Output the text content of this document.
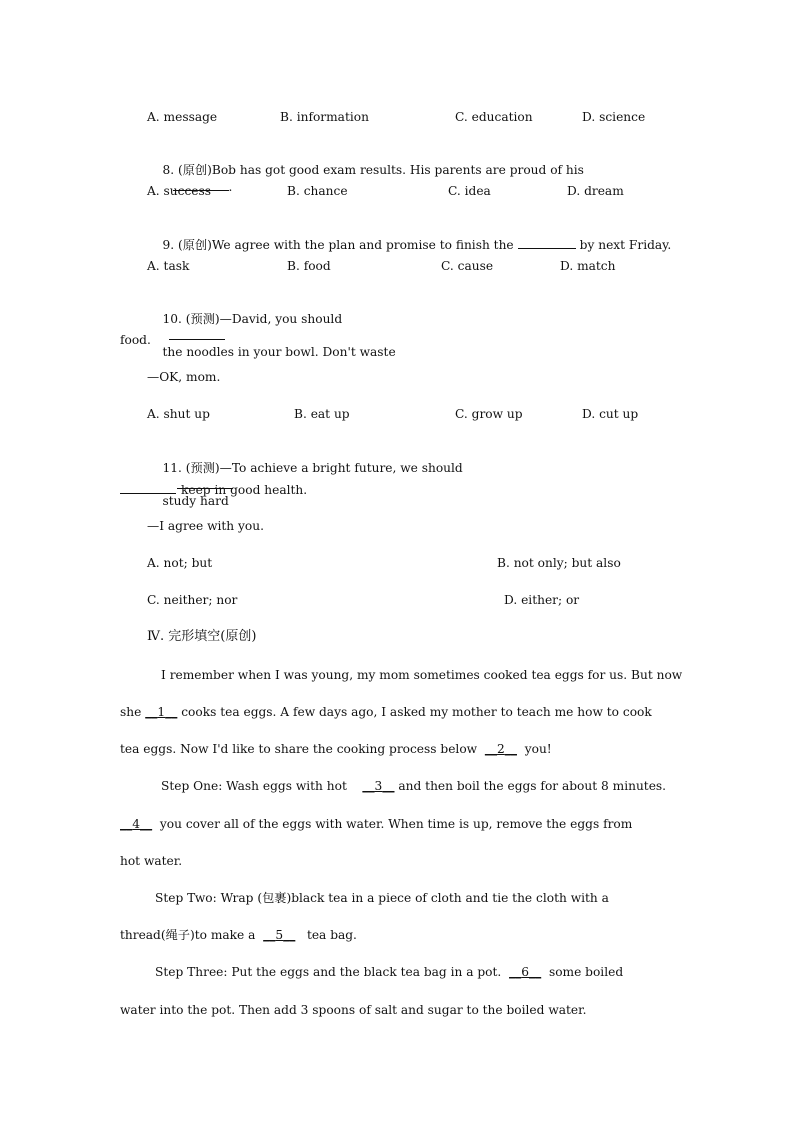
A. message	B. information	C. education	D. science

8. (原创)Bob has got good exam results. His parents are proud of his
.

A. success	B. chance	C. idea	D. dream

9. (原创)We agree with the plan and promise to finish the	by next Friday.

A. task	B. food	C. cause	D. match

10. (预测)—David, you should

the noodles in your bowl. Don't waste

food.
—OK, mom.
A. shut up	B. eat up	C. grow up	D. cut up

11. (预测)—To achieve a bright future, we should

study hard

keep in good health.
—I agree with you.
A. not; but	B. not only; but also
C. neither; nor	D. either; or
Ⅳ. 完形填空(原创)
I remember when I was young, my mom sometimes cooked tea eggs for us. But now
she __1__ cooks tea eggs. A few days ago, I asked my mother to teach me how to cook
tea eggs. Now I'd like to share the cooking process below __2__ you!
Step One: Wash eggs with hot __3__ and then boil the eggs for about 8 minutes.
__4__ you cover all of the eggs with water. When time is up, remove the eggs from
hot water.
Step Two: Wrap (包裹)black tea in a piece of cloth and tie the cloth with a
thread(绳子)to make a __5__ tea bag.
Step Three: Put the eggs and the black tea bag in a pot. __6__ some boiled
water into the pot. Then add 3 spoons of salt and sugar to the boiled water.
